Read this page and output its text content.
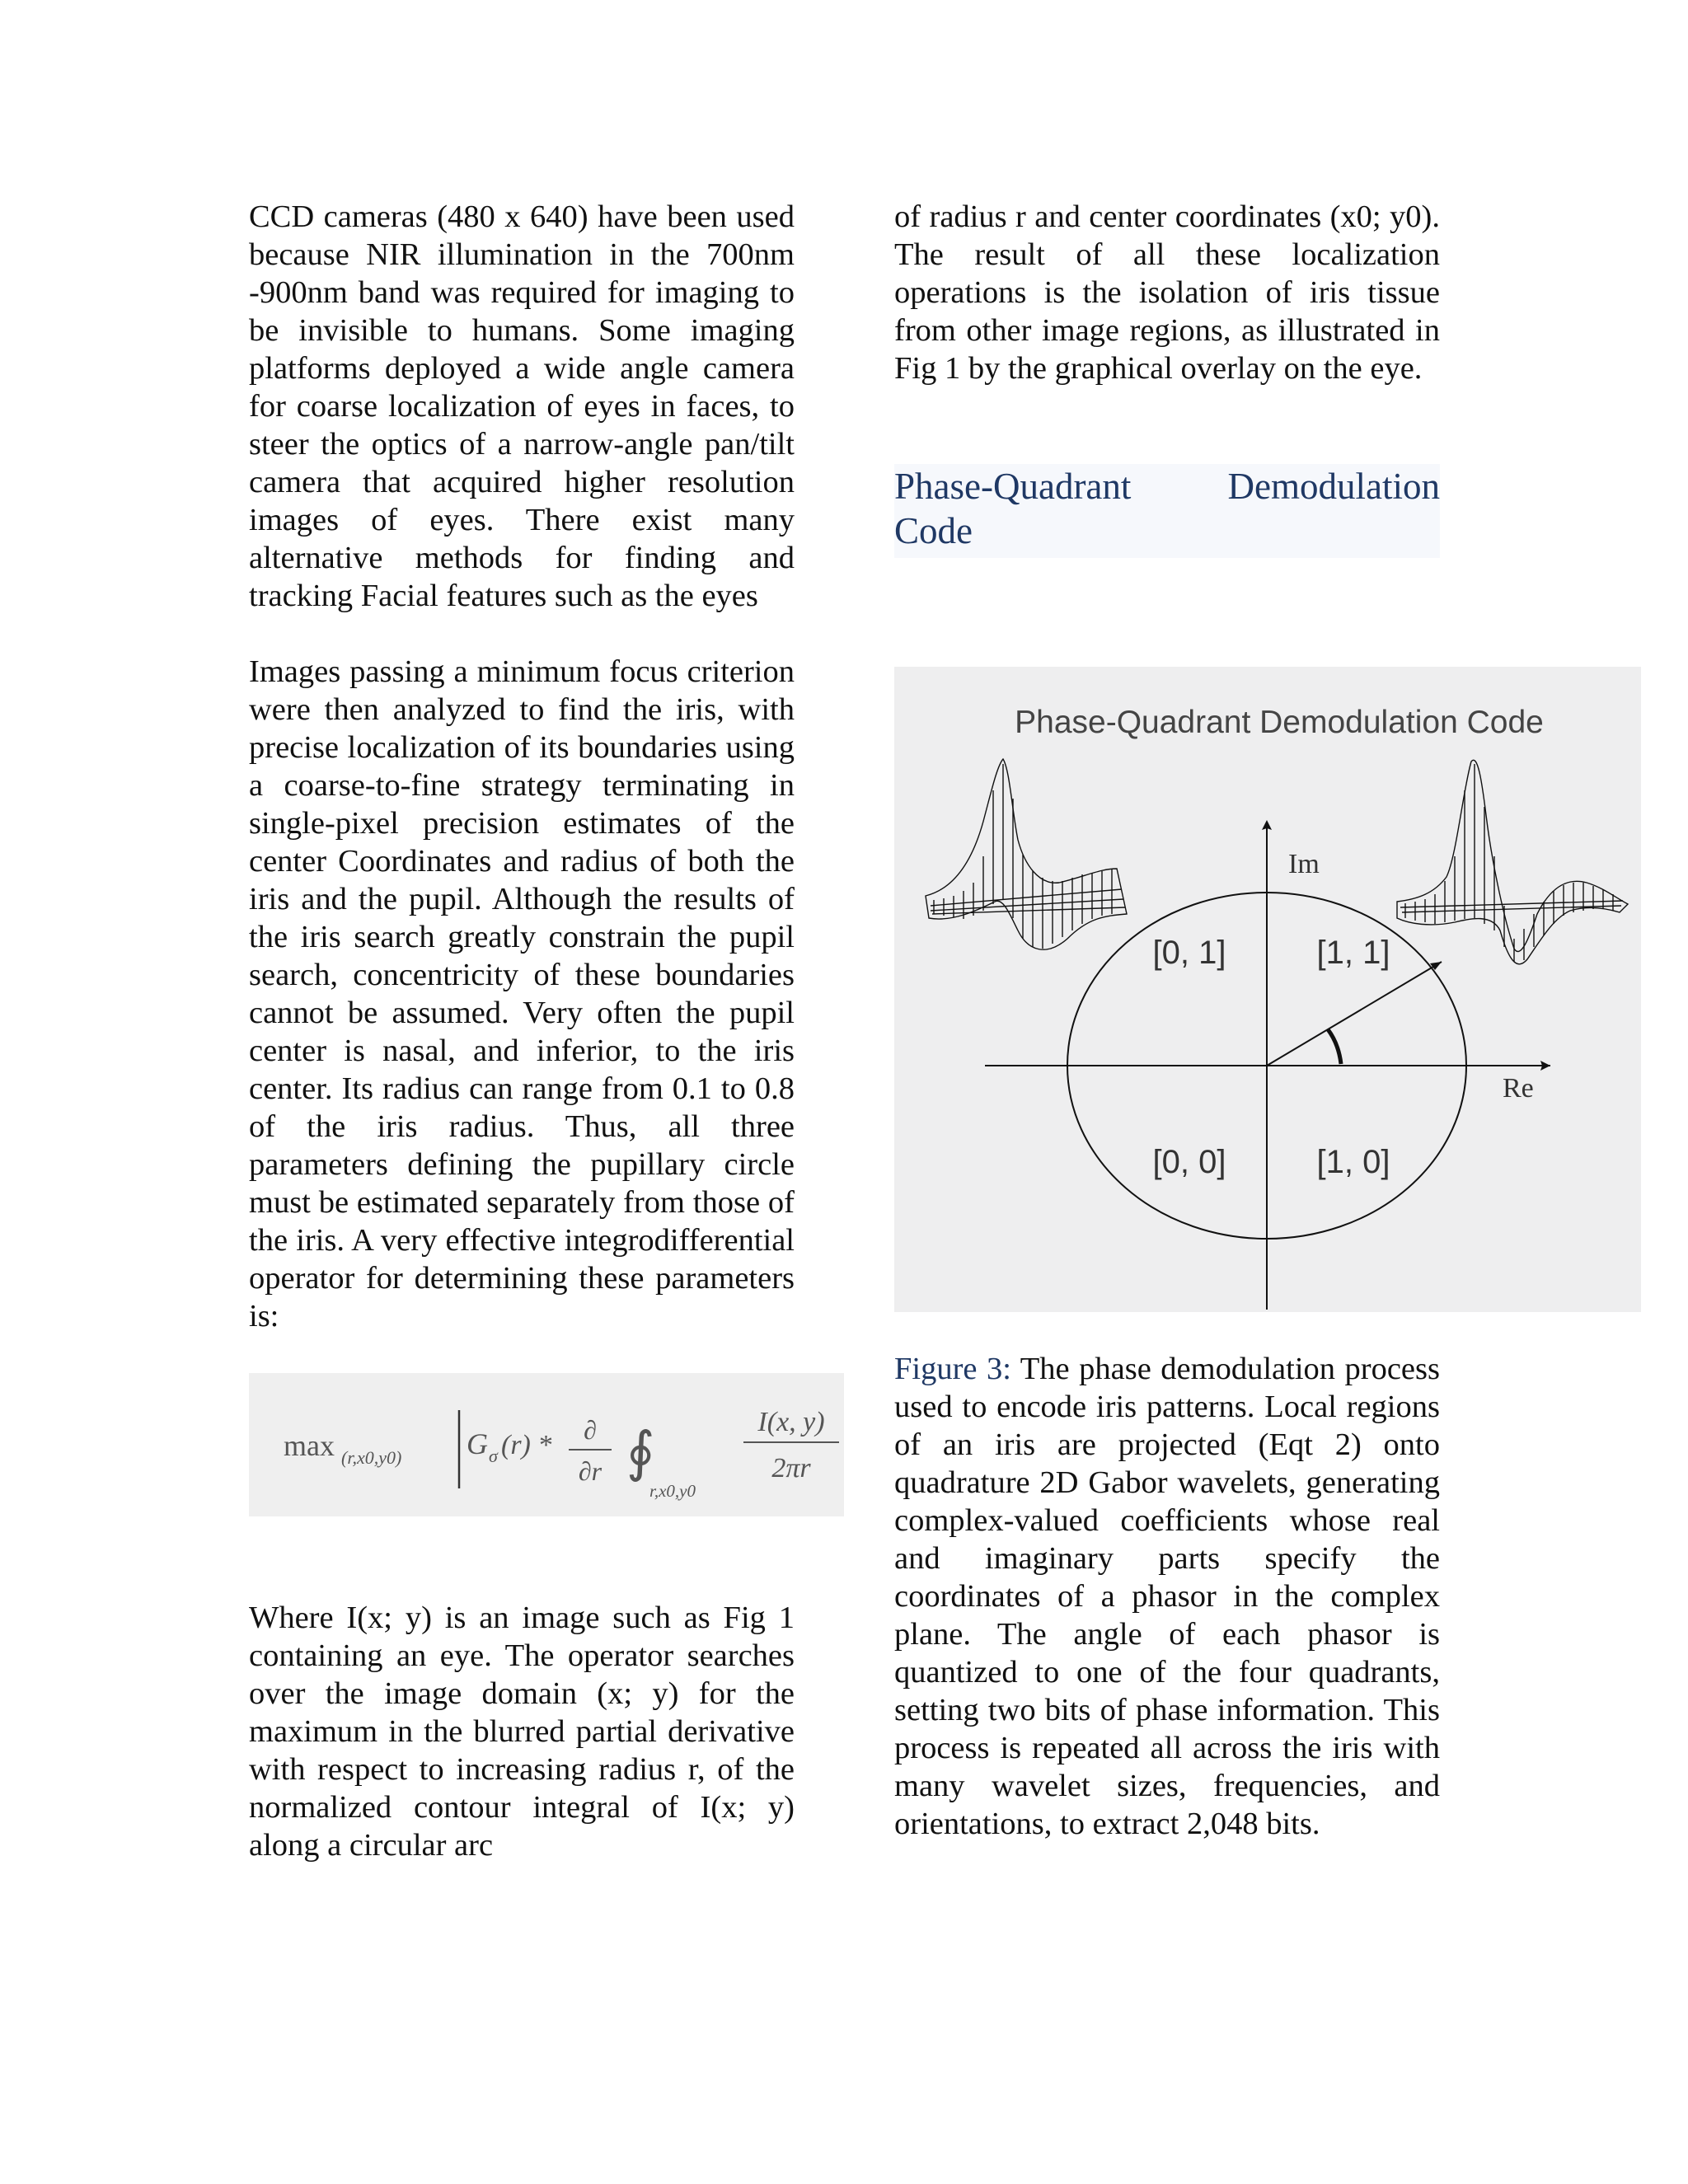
CCD cameras (480 x 640) have been used because NIR illumination in the 700nm -900nm band was required for imaging to be invisible to humans. Some imaging platforms deployed a wide angle camera for coarse localization of eyes in faces, to steer the optics of a narrow-angle pan/tilt camera that acquired higher resolution images of eyes. There exist many alternative methods for finding and tracking Facial features such as the eyes

Images passing a minimum focus criterion were then analyzed to find the iris, with precise localization of its boundaries using a coarse-to-fine strategy terminating in single-pixel precision estimates of the center Coordinates and radius of both the iris and the pupil. Although the results of the iris search greatly constrain the pupil search, concentricity of these boundaries cannot be assumed. Very often the pupil center is nasal, and inferior, to the iris center. Its radius can range from 0.1 to 0.8 of the iris radius. Thus, all three parameters defining the pupillary circle must be estimated separately from those of the iris. A very effective integrodifferential operator for determining these parameters is:

max (r,x0,y0) G σ (r) * ∂
∂r ∮
r,x0,y0
I(x, y)
2πr

Where I(x; y) is an image such as Fig 1 containing an eye. The operator searches over the image domain (x; y) for the maximum in the blurred partial derivative with respect to increasing radius r, of the normalized contour integral of I(x; y) along a circular arc

of radius r and center coordinates (x0; y0). The result of all these localization operations is the isolation of iris tissue from other image regions, as illustrated in Fig 1 by the graphical overlay on the eye.

Phase-Quadrant	Demodulation
Code
Phase-Quadrant Demodulation Code
Im
Re
[0, 1]	[1, 1]
[0, 0]	[1, 0]

Figure 3: The phase demodulation process used to encode iris patterns. Local regions of an iris are projected (Eqt 2) onto quadrature 2D Gabor wavelets, generating complex-valued coefficients whose real and imaginary parts specify the coordinates of a phasor in the complex plane. The angle of each phasor is quantized to one of the four quadrants, setting two bits of phase information. This process is repeated all across the iris with many wavelet sizes, frequencies, and orientations, to extract 2,048 bits.
